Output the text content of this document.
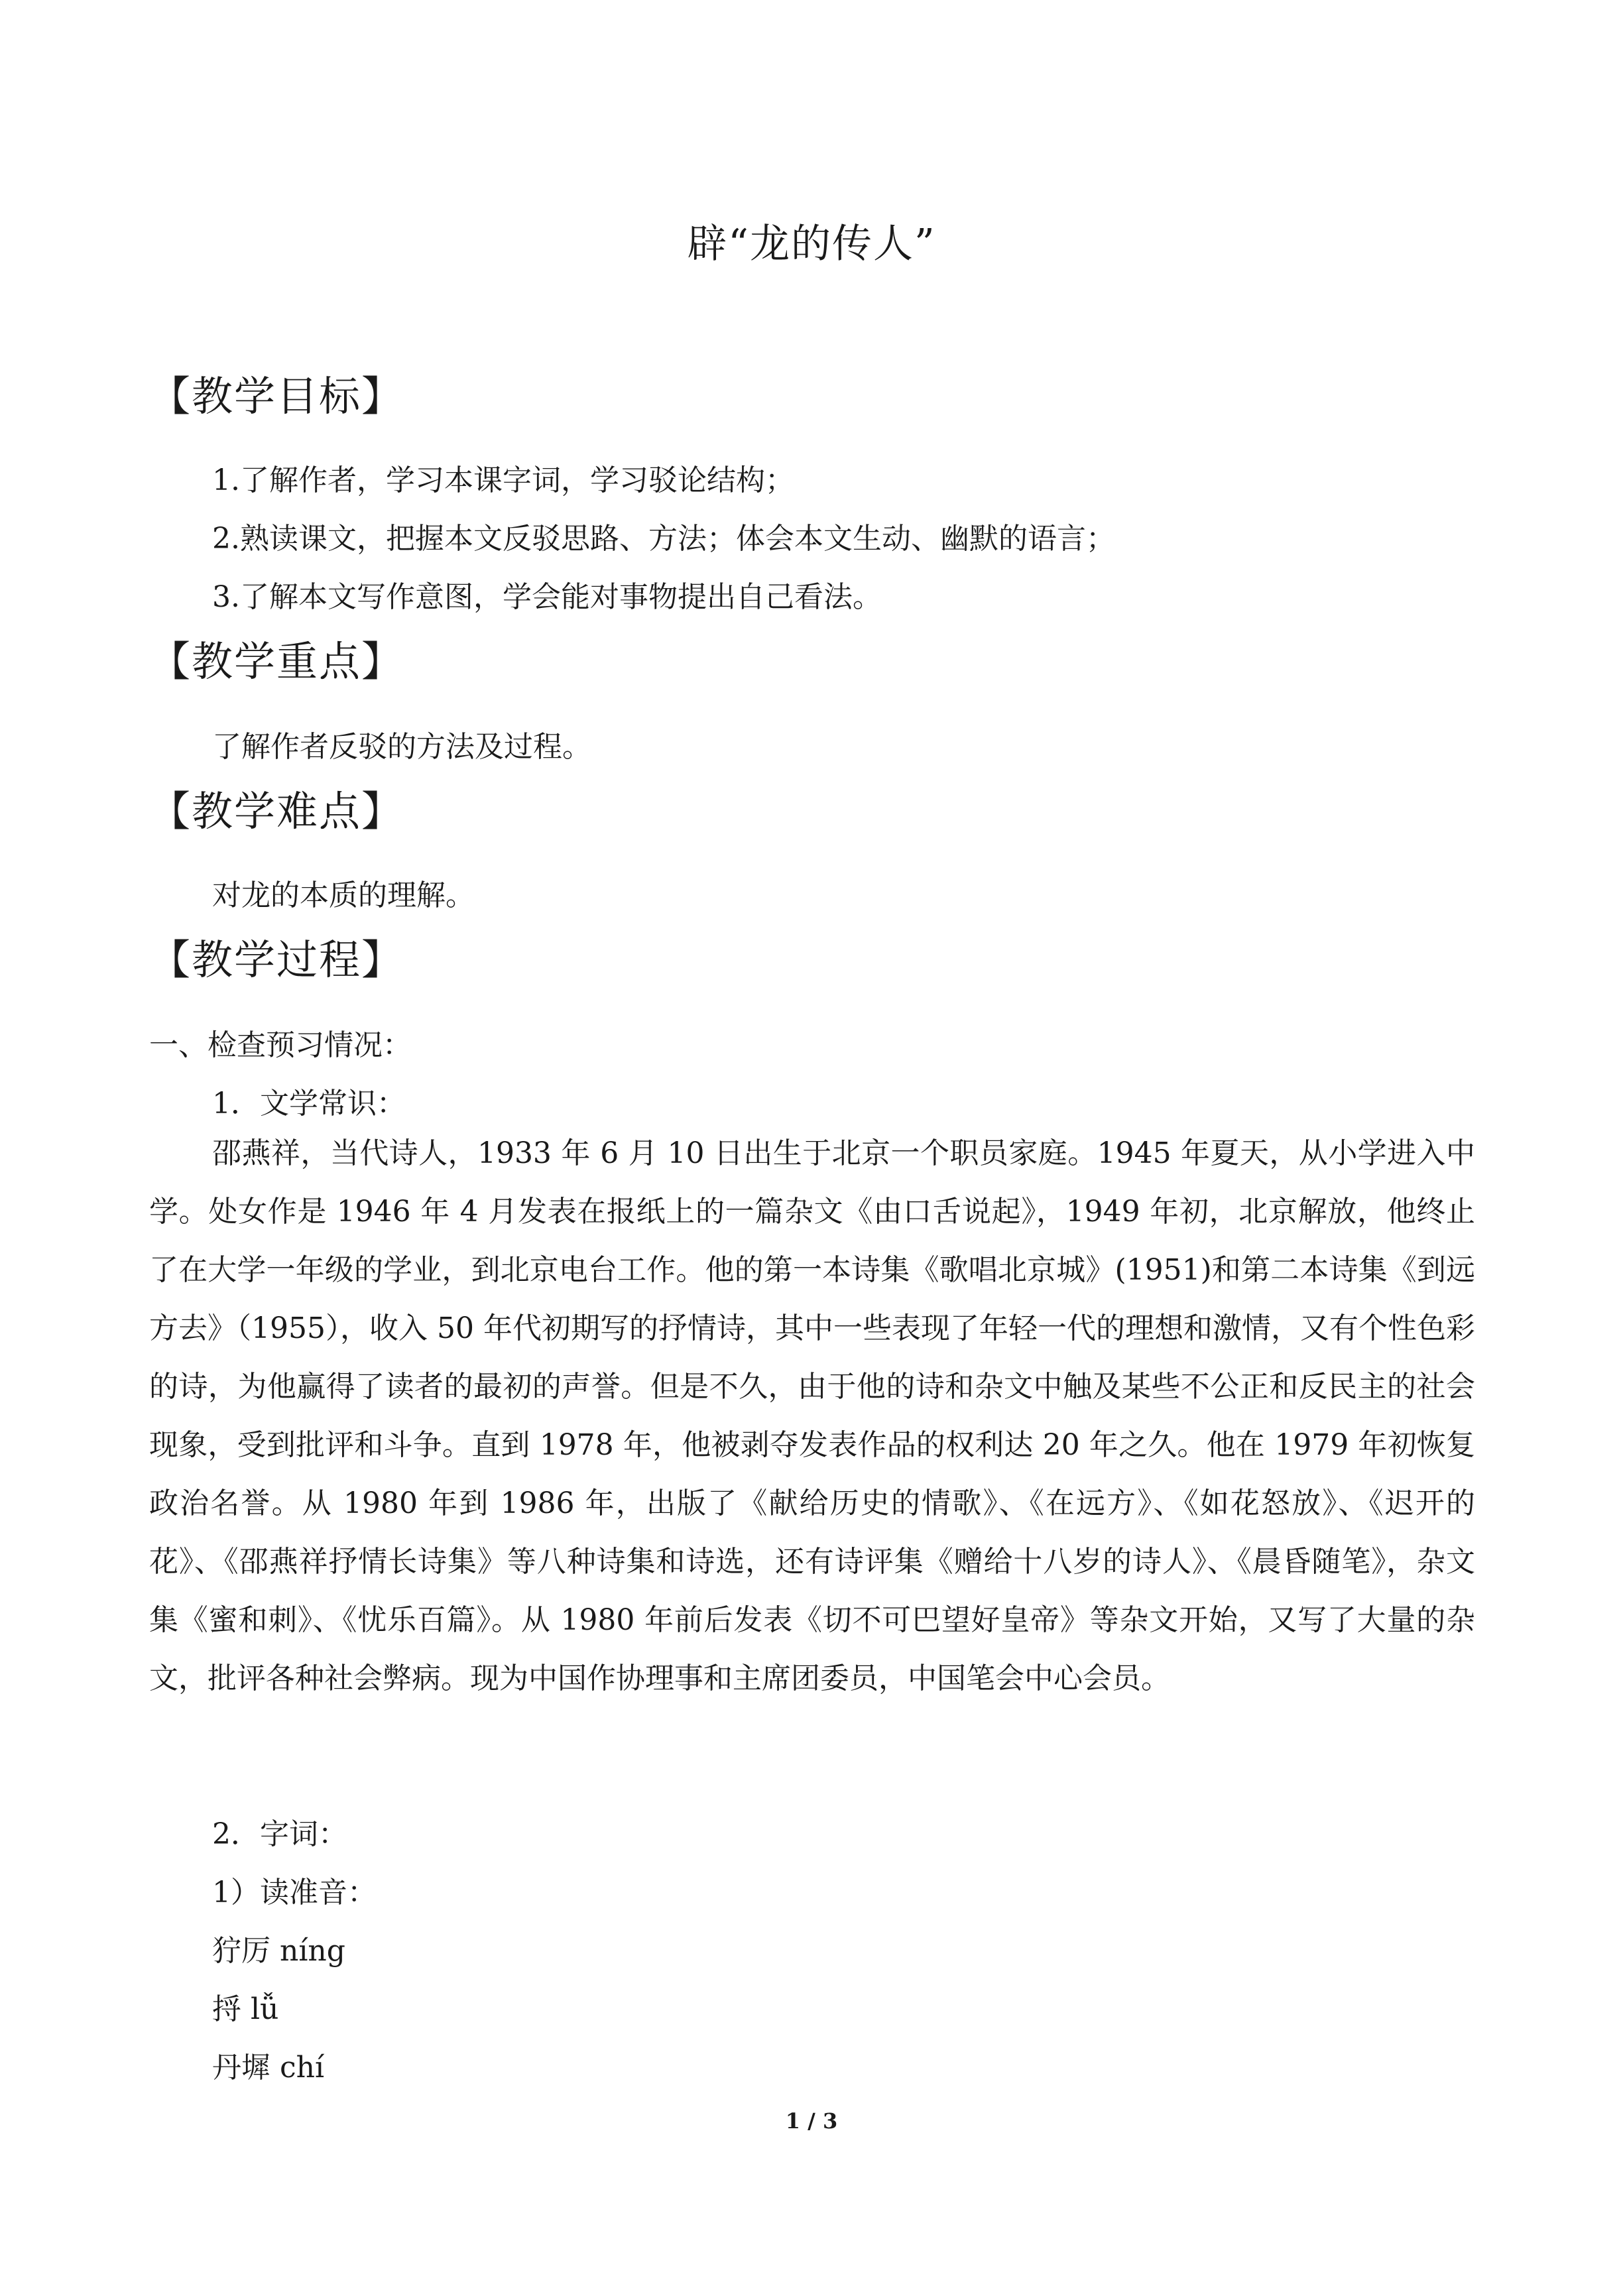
辟“龙的传人”
【教学目标】
1.了解作者，学习本课字词，学习驳论结构；
2.熟读课文，把握本文反驳思路、方法；体会本文生动、幽默的语言；
3.了解本文写作意图，学会能对事物提出自己看法。
【教学重点】
了解作者反驳的方法及过程。
【教学难点】
对龙的本质的理解。
【教学过程】
一、检查预习情况：
1．文学常识：
邵燕祥，当代诗人，1933 年 6 月 10 日出生于北京一个职员家庭。1945 年夏天，从小学进入中学。处女作是 1946 年 4 月发表在报纸上的一篇杂文《由口舌说起》，1949 年初，北京解放，他终止了在大学一年级的学业，到北京电台工作。他的第一本诗集《歌唱北京城》(1951)和第二本诗集《到远方去》（1955），收入 50 年代初期写的抒情诗，其中一些表现了年轻一代的理想和激情，又有个性色彩的诗，为他赢得了读者的最初的声誉。但是不久，由于他的诗和杂文中触及某些不公正和反民主的社会现象，受到批评和斗争。直到 1978 年，他被剥夺发表作品的权利达 20 年之久。他在 1979 年初恢复政治名誉。从 1980 年到 1986 年，出版了《献给历史的情歌》、《在远方》、《如花怒放》、《迟开的花》、《邵燕祥抒情长诗集》等八种诗集和诗选，还有诗评集《赠给十八岁的诗人》、《晨昏随笔》，杂文集《蜜和刺》、《忧乐百篇》。从 1980 年前后发表《切不可巴望好皇帝》等杂文开始，又写了大量的杂文，批评各种社会弊病。现为中国作协理事和主席团委员，中国笔会中心会员。
2．字词：
1）读准音：
狞厉 níng
捋 lǚ
丹墀 chí
1 / 3
